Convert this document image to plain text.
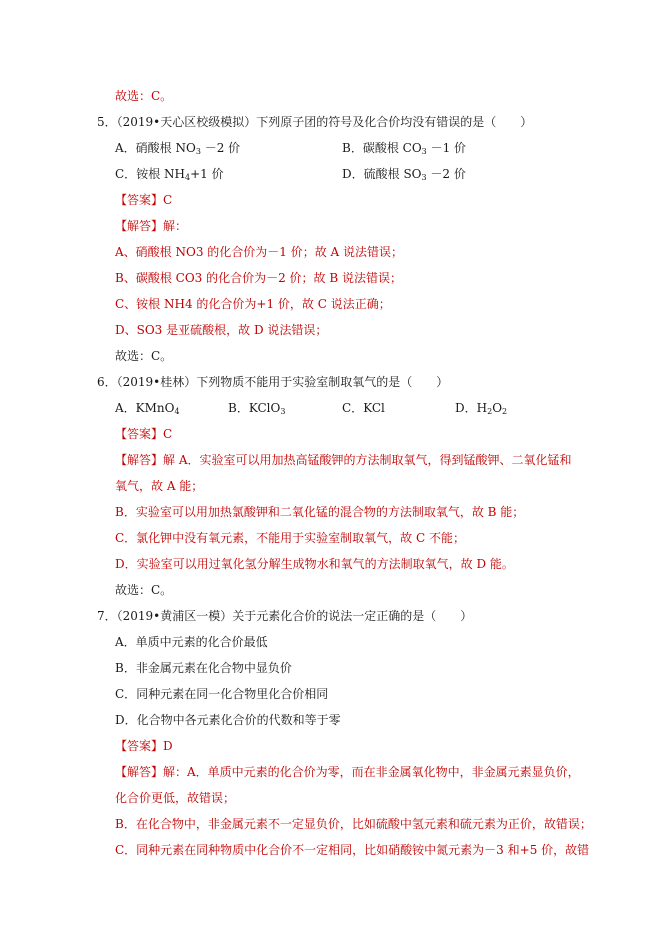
故选：C。
5．（2019•天心区校级模拟）下列原子团的符号及化合价均没有错误的是（　　）
A．硝酸根 $NO_3 -2$ 价	B．碳酸根 $CO_3 -1$ 价
C．铵根 $NH_4+1$ 价	D．硫酸根 $SO_3 -2$ 价
【答案】C
【解答】解：
A、硝酸根 NO3 的化合价为－1 价；故 A 说法错误；
B、碳酸根 CO3 的化合价为－2 价；故 B 说法错误；
C、铵根 NH4 的化合价为+1 价，故 C 说法正确；
D、SO3 是亚硫酸根，故 D 说法错误；
故选：C。
6．（2019•桂林）下列物质不能用于实验室制取氧气的是（　　）
A．KMnO$_4$	B．KClO$_3$	C．KCl	D．$H_2O_2$
【答案】C
【解答】解 A．实验室可以用加热高锰酸钾的方法制取氧气，得到锰酸钾、二氧化锰和
氧气，故 A 能；
B．实验室可以用加热氯酸钾和二氧化锰的混合物的方法制取氧气，故 B 能；
C．氯化钾中没有氧元素，不能用于实验室制取氧气，故 C 不能；
D．实验室可以用过氧化氢分解生成物水和氧气的方法制取氧气，故 D 能。
故选：C。
7．（2019•黄浦区一模）关于元素化合价的说法一定正确的是（　　）
A．单质中元素的化合价最低
B．非金属元素在化合物中显负价
C．同种元素在同一化合物里化合价相同
D．化合物中各元素化合价的代数和等于零
【答案】D
【解答】解：A．单质中元素的化合价为零，而在非金属氧化物中，非金属元素显负价，
化合价更低，故错误；
B．在化合物中，非金属元素不一定显负价，比如硫酸中氢元素和硫元素为正价，故错误；
C．同种元素在同种物质中化合价不一定相同，比如硝酸铵中氮元素为－3 和+5 价，故错
